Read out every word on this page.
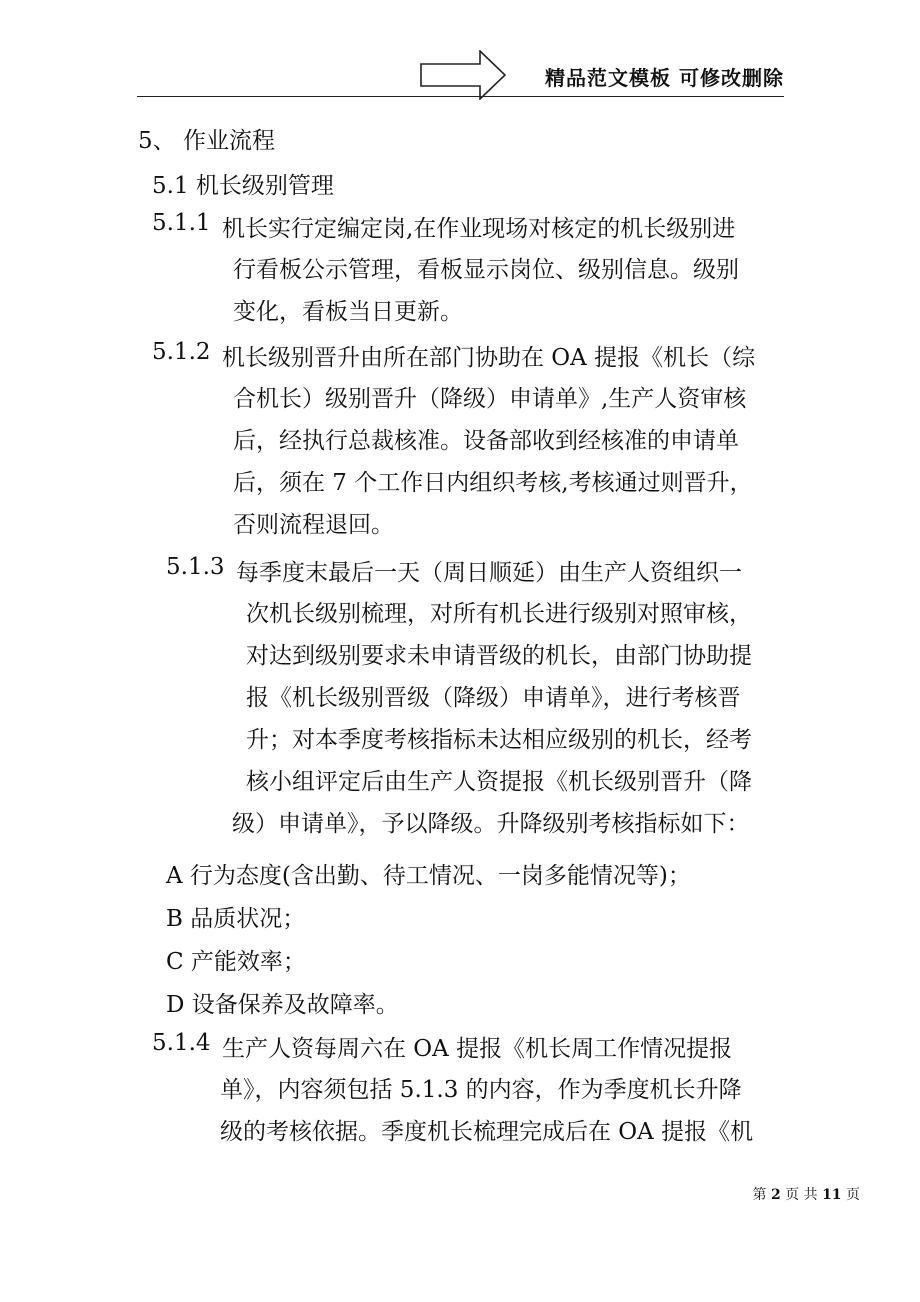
精品范文模板 可修改删除
5、 作业流程
5.1 机长级别管理
5.1.1 机长实行定编定岗,在作业现场对核定的机长级别进
行看板公示管理，看板显示岗位、级别信息。级别
变化，看板当日更新。
5.1.2 机长级别晋升由所在部门协助在 OA 提报《机长（综
合机长）级别晋升（降级）申请单》,生产人资审核
后，经执行总裁核准。设备部收到经核准的申请单
后，须在 7 个工作日内组织考核,考核通过则晋升，
否则流程退回。
5.1.3 每季度末最后一天（周日顺延）由生产人资组织一
次机长级别梳理，对所有机长进行级别对照审核，
对达到级别要求未申请晋级的机长，由部门协助提
报《机长级别晋级（降级）申请单》，进行考核晋
升；对本季度考核指标未达相应级别的机长，经考
核小组评定后由生产人资提报《机长级别晋升（降
级）申请单》，予以降级。升降级别考核指标如下：
A 行为态度(含出勤、待工情况、一岗多能情况等)；
B 品质状况；
C 产能效率；
D 设备保养及故障率。
5.1.4 生产人资每周六在 OA 提报《机长周工作情况提报
单》，内容须包括 5.1.3 的内容，作为季度机长升降
级的考核依据。季度机长梳理完成后在 OA 提报《机
第 2 页 共 11 页
